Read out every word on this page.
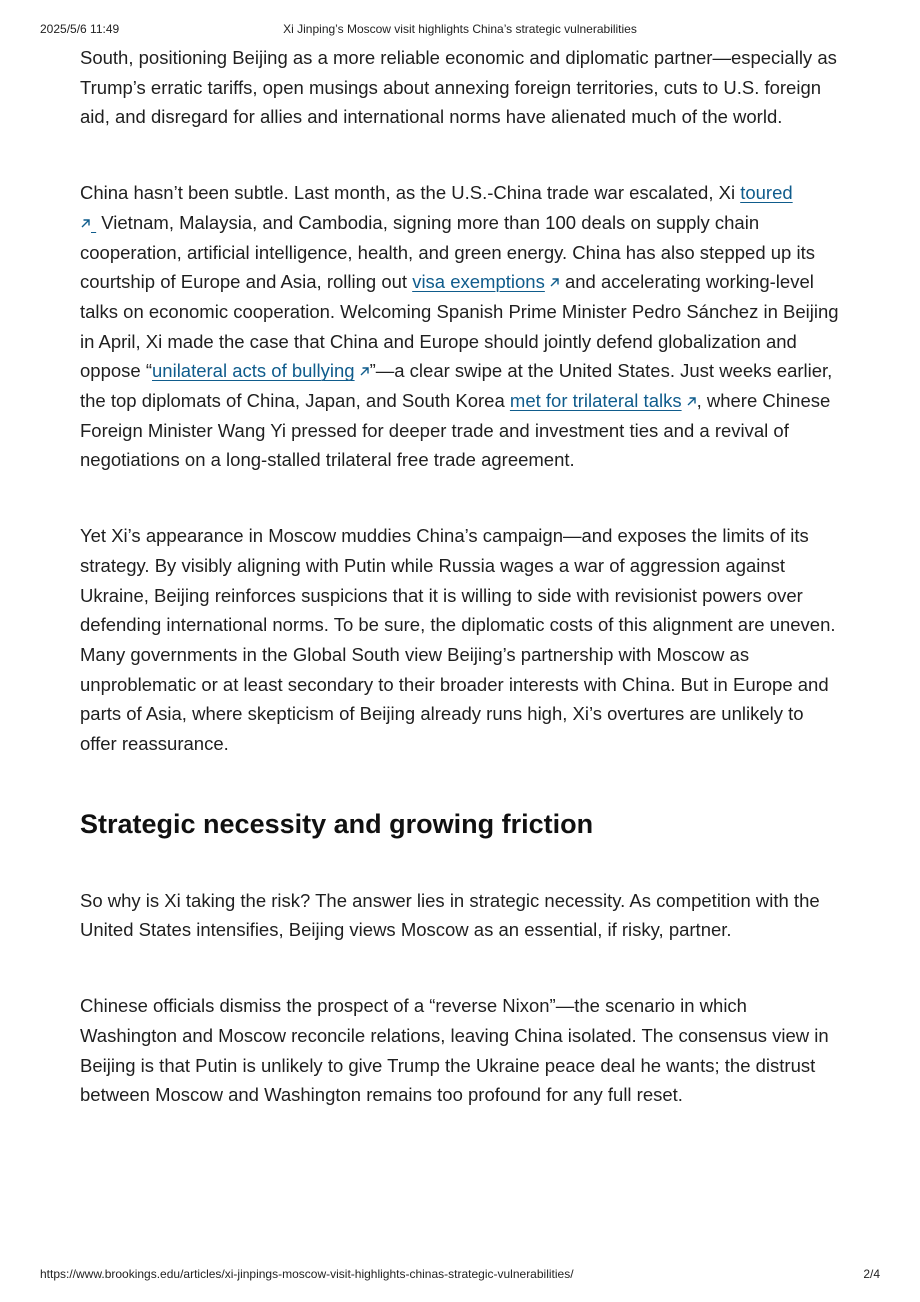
2025/5/6 11:49	Xi Jinping’s Moscow visit highlights China’s strategic vulnerabilities

South, positioning Beijing as a more reliable economic and diplomatic partner—especially as Trump’s erratic tariffs, open musings about annexing foreign territories, cuts to U.S. foreign aid, and disregard for allies and international norms have alienated much of the world.

China hasn’t been subtle. Last month, as the U.S.-China trade war escalated, Xi toured

Vietnam, Malaysia, and Cambodia, signing more than 100 deals on supply chain cooperation, artificial intelligence, health, and green energy. China has also stepped up its courtship of Europe and Asia, rolling out visa exemptions
and accelerating working-level talks on economic cooperation. Welcoming Spanish Prime Minister Pedro Sánchez in Beijing in April, Xi made the case that China and Europe should jointly defend globalization and oppose “unilateral acts of bullying ”—a clear swipe at the United States. Just weeks earlier, the top diplomats of China, Japan, and South Korea met for trilateral talks , where Chinese Foreign Minister Wang Yi pressed for deeper trade and investment ties and a revival of negotiations on a long-stalled trilateral free trade agreement.

Yet Xi’s appearance in Moscow muddies China’s campaign—and exposes the limits of its strategy. By visibly aligning with Putin while Russia wages a war of aggression against Ukraine, Beijing reinforces suspicions that it is willing to side with revisionist powers over defending international norms. To be sure, the diplomatic costs of this alignment are uneven. Many governments in the Global South view Beijing’s partnership with Moscow as unproblematic or at least secondary to their broader interests with China. But in Europe and parts of Asia, where skepticism of Beijing already runs high, Xi’s overtures are unlikely to offer reassurance.

Strategic necessity and growing friction

So why is Xi taking the risk? The answer lies in strategic necessity. As competition with the United States intensifies, Beijing views Moscow as an essential, if risky, partner.

Chinese officials dismiss the prospect of a “reverse Nixon”—the scenario in which Washington and Moscow reconcile relations, leaving China isolated. The consensus view in Beijing is that Putin is unlikely to give Trump the Ukraine peace deal he wants; the distrust between Moscow and Washington remains too profound for any full reset.

https://www.brookings.edu/articles/xi-jinpings-moscow-visit-highlights-chinas-strategic-vulnerabilities/	2/4
